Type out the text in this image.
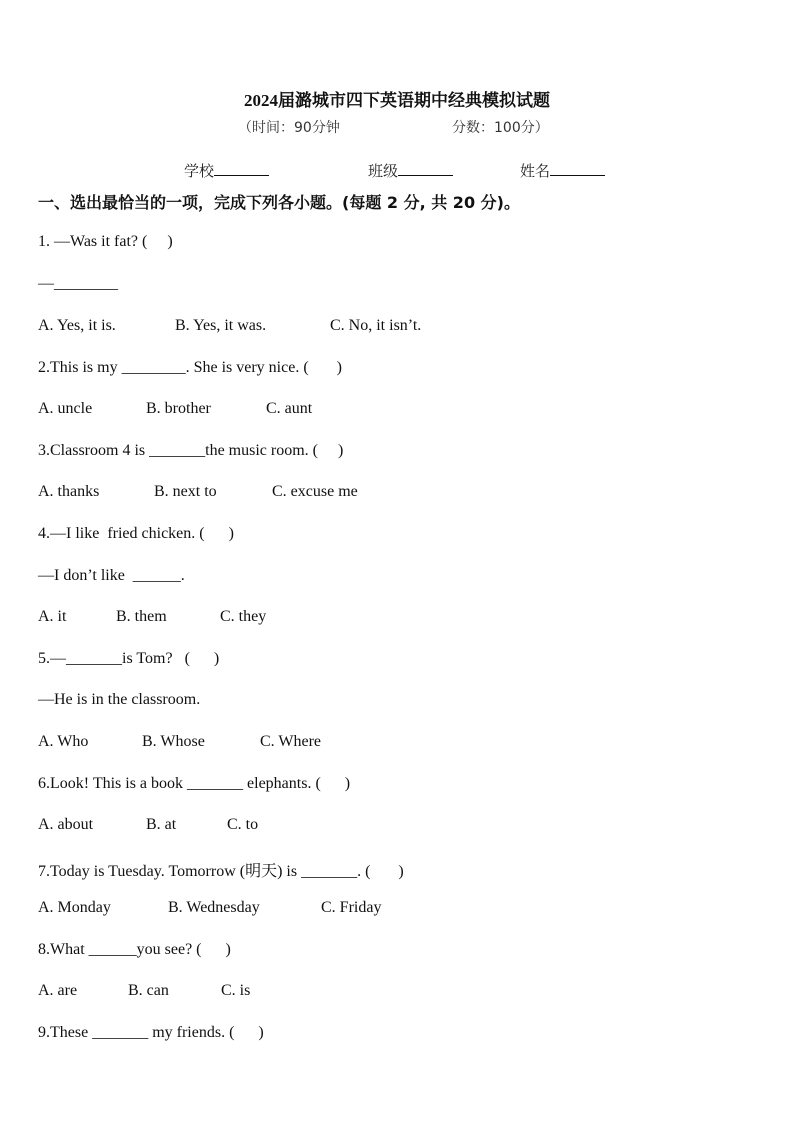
2024届潞城市四下英语期中经典模拟试题
（时间：90分钟	分数：100分）
学校	班级	姓名
一、选出最恰当的一项，完成下列各小题。(每题 2 分, 共 20 分)。
1. —Was it fat? (     )
—________
A. Yes, it is.	B. Yes, it was.	C. No, it isn’t.
2.This is my ________. She is very nice. (       )
A. uncle	B. brother	C. aunt
3.Classroom 4 is _______the music room. (     )
A. thanks	B. next to	C. excuse me
4.—I like  fried chicken. (      )
—I don’t like  ______.
A. it	B. them	C. they
5.—_______is Tom?   (      )
—He is in the classroom.
A. Who	B. Whose	C. Where
6.Look! This is a book _______ elephants. (      )
A. about	B. at	C. to
7.Today is Tuesday. Tomorrow (明天) is _______. (       )
A. Monday	B. Wednesday	C. Friday
8.What ______you see? (      )
A. are	B. can	C. is
9.These _______ my friends. (      )
